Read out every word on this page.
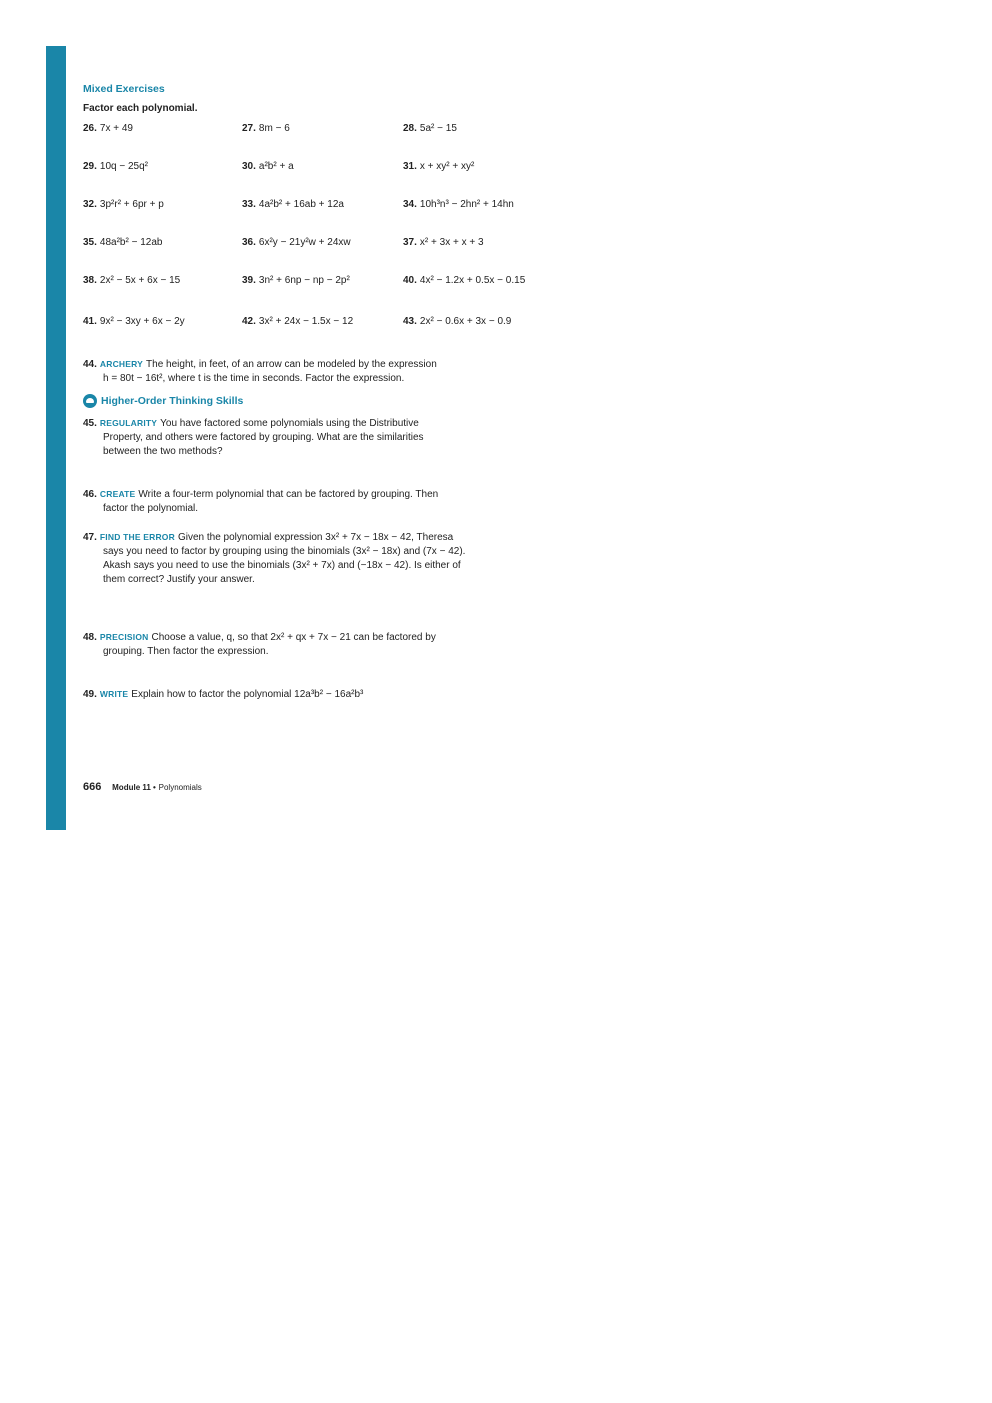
Mixed Exercises
Factor each polynomial.
26. 7x + 49	27. 8m − 6	28. 5a² − 15
29. 10q − 25q²	30. a²b² + a	31. x + xy² + xy²
32. 3p²r² + 6pr + p	33. 4a²b² + 16ab + 12a	34. 10h³n³ − 2hn² + 14hn
35. 48a²b² − 12ab	36. 6x²y − 21y²w + 24xw	37. x² + 3x + x + 3
38. 2x² − 5x + 6x − 15	39. 3n² + 6np − np − 2p²	40. 4x² − 1.2x + 0.5x − 0.15
41. 9x² − 3xy + 6x − 2y	42. 3x² + 24x − 1.5x − 12	43. 2x² − 0.6x + 3x − 0.9
44. ARCHERY The height, in feet, of an arrow can be modeled by the expression
h = 80t − 16t², where t is the time in seconds. Factor the expression.
Higher-Order Thinking Skills
45. REGULARITY You have factored some polynomials using the Distributive
Property, and others were factored by grouping. What are the similarities
between the two methods?
46. CREATE Write a four-term polynomial that can be factored by grouping. Then
factor the polynomial.
47. FIND THE ERROR Given the polynomial expression 3x² + 7x − 18x − 42, Theresa
says you need to factor by grouping using the binomials (3x² − 18x) and (7x − 42).
Akash says you need to use the binomials (3x² + 7x) and (−18x − 42). Is either of
them correct? Justify your answer.
48. PRECISION Choose a value, q, so that 2x² + qx + 7x − 21 can be factored by
grouping. Then factor the expression.
49. WRITE Explain how to factor the polynomial 12a³b² − 16a²b³
666 Module 11 • Polynomials
